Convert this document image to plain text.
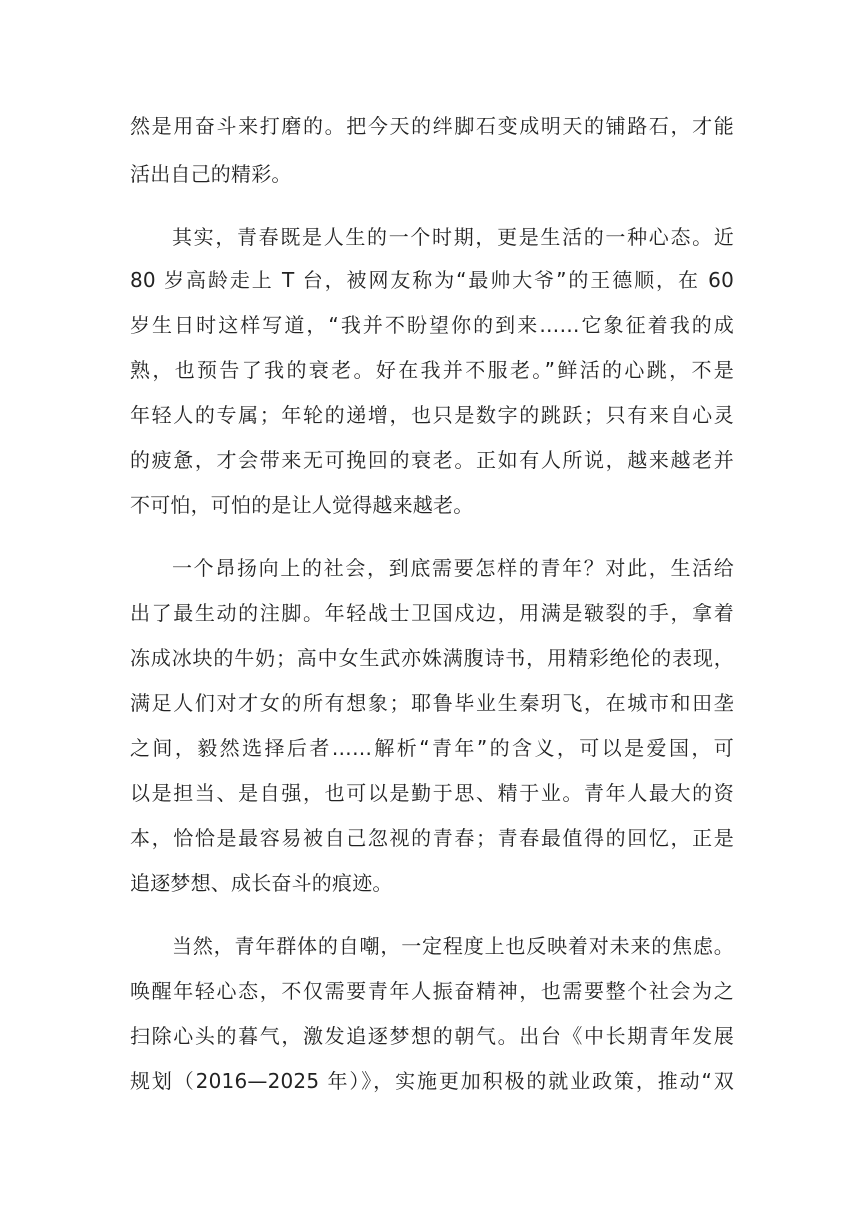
然是用奋斗来打磨的。把今天的绊脚石变成明天的铺路石，才能
活出自己的精彩。
其实，青春既是人生的一个时期，更是生活的一种心态。近
80 岁高龄走上 T 台，被网友称为“最帅大爷”的王德顺，在 60
岁生日时这样写道，“我并不盼望你的到来……它象征着我的成
熟，也预告了我的衰老。好在我并不服老。”鲜活的心跳，不是
年轻人的专属；年轮的递增，也只是数字的跳跃；只有来自心灵
的疲惫，才会带来无可挽回的衰老。正如有人所说，越来越老并
不可怕，可怕的是让人觉得越来越老。
一个昂扬向上的社会，到底需要怎样的青年？对此，生活给
出了最生动的注脚。年轻战士卫国戍边，用满是皲裂的手，拿着
冻成冰块的牛奶；高中女生武亦姝满腹诗书，用精彩绝伦的表现，
满足人们对才女的所有想象；耶鲁毕业生秦玥飞，在城市和田垄
之间，毅然选择后者……解析“青年”的含义，可以是爱国，可
以是担当、是自强，也可以是勤于思、精于业。青年人最大的资
本，恰恰是最容易被自己忽视的青春；青春最值得的回忆，正是
追逐梦想、成长奋斗的痕迹。
当然，青年群体的自嘲，一定程度上也反映着对未来的焦虑。
唤醒年轻心态，不仅需要青年人振奋精神，也需要整个社会为之
扫除心头的暮气，激发追逐梦想的朝气。出台《中长期青年发展
规划（2016—2025 年）》，实施更加积极的就业政策，推动“双
